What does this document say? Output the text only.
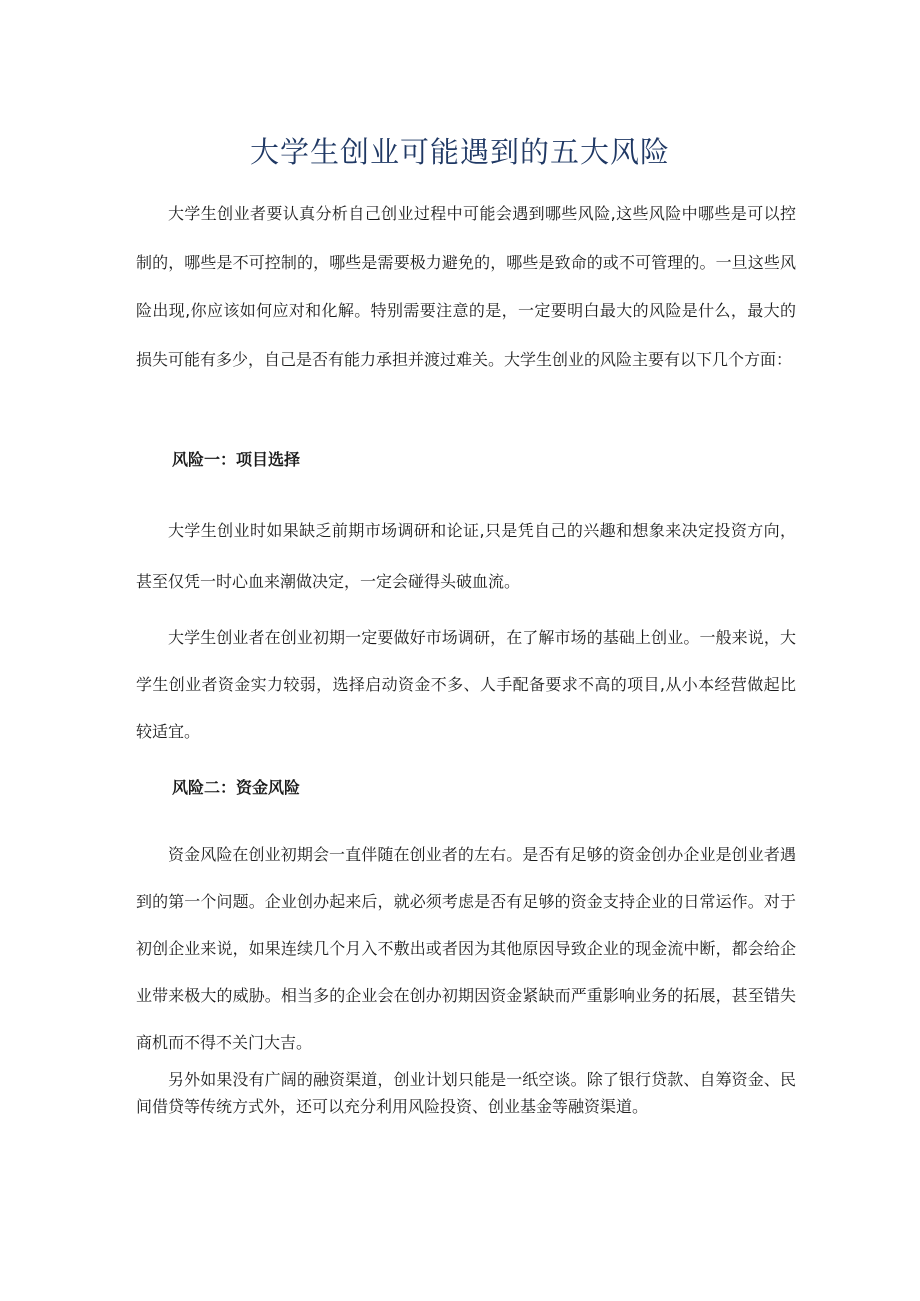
大学生创业可能遇到的五大风险

大学生创业者要认真分析自己创业过程中可能会遇到哪些风险,这些风险中哪些是可以控制的，哪些是不可控制的，哪些是需要极力避免的，哪些是致命的或不可管理的。一旦这些风险出现,你应该如何应对和化解。特别需要注意的是，一定要明白最大的风险是什么，最大的损失可能有多少，自己是否有能力承担并渡过难关。大学生创业的风险主要有以下几个方面：

风险一：项目选择

大学生创业时如果缺乏前期市场调研和论证,只是凭自己的兴趣和想象来决定投资方向，甚至仅凭一时心血来潮做决定，一定会碰得头破血流。

大学生创业者在创业初期一定要做好市场调研，在了解市场的基础上创业。一般来说，大学生创业者资金实力较弱，选择启动资金不多、人手配备要求不高的项目,从小本经营做起比较适宜。

风险二：资金风险

资金风险在创业初期会一直伴随在创业者的左右。是否有足够的资金创办企业是创业者遇到的第一个问题。企业创办起来后，就必须考虑是否有足够的资金支持企业的日常运作。对于初创企业来说，如果连续几个月入不敷出或者因为其他原因导致企业的现金流中断，都会给企业带来极大的威胁。相当多的企业会在创办初期因资金紧缺而严重影响业务的拓展，甚至错失商机而不得不关门大吉。

另外如果没有广阔的融资渠道，创业计划只能是一纸空谈。除了银行贷款、自筹资金、民间借贷等传统方式外，还可以充分利用风险投资、创业基金等融资渠道。
